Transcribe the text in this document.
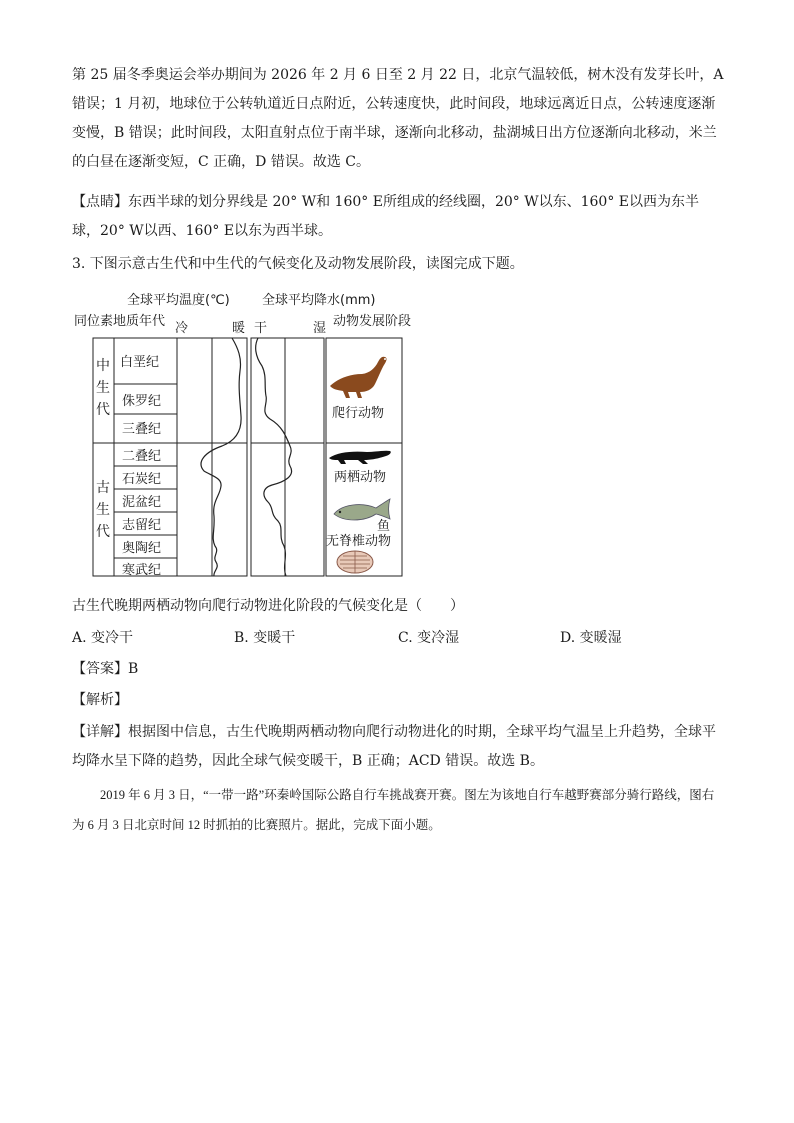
第 25 届冬季奥运会举办期间为 2026 年 2 月 6 日至 2 月 22 日，北京气温较低，树木没有发芽长叶，A 错误；1 月初，地球位于公转轨道近日点附近，公转速度快，此时间段，地球远离近日点，公转速度逐渐变慢，B 错误；此时间段，太阳直射点位于南半球，逐渐向北移动，盐湖城日出方位逐渐向北移动，米兰的白昼在逐渐变短，C 正确，D 错误。故选 C。

【点睛】东西半球的划分界线是 20° W和 160° E所组成的经线圈，20° W以东、160° E以西为东半球，20° W以西、160° E以东为西半球。

3. 下图示意古生代和中生代的气候变化及动物发展阶段，读图完成下题。

全球平均温度(℃) 全球平均降水(mm)
同位素地质年代	动物发展阶段
冷	暖 干	湿
中
生
代
古
生
代
白垩纪
侏罗纪
三叠纪
二叠纪
石炭纪
泥盆纪
志留纪
奥陶纪
寒武纪
爬行动物
两栖动物
鱼
无脊椎动物

古生代晚期两栖动物向爬行动物进化阶段的气候变化是（　　）

A. 变冷干	B. 变暖干	C. 变冷湿	D. 变暖湿

【答案】B

【解析】

【详解】根据图中信息，古生代晚期两栖动物向爬行动物进化的时期，全球平均气温呈上升趋势，全球平均降水呈下降的趋势，因此全球气候变暖干，B 正确；ACD 错误。故选 B。

2019 年 6 月 3 日，“一带一路”环秦岭国际公路自行车挑战赛开赛。图左为该地自行车越野赛部分骑行路线，图右为 6 月 3 日北京时间 12 时抓拍的比赛照片。据此，完成下面小题。
